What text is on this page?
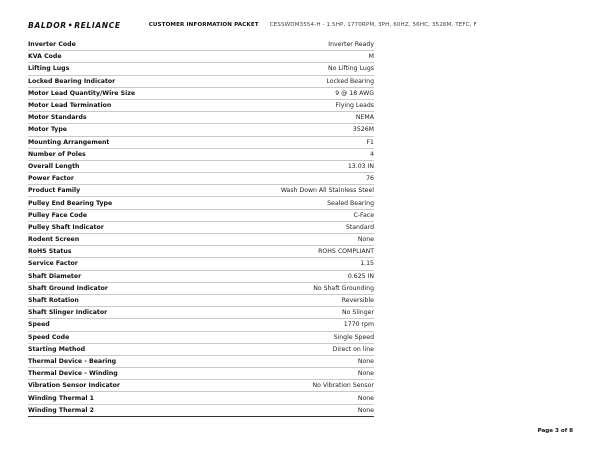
BALDOR•RELIANCE	CUSTOMER INFORMATION PACKET CESSWDM3554-H - 1.5HP, 1770RPM, 3PH, 60HZ, 56HC, 3526M, TEFC, F
Inverter Code	Inverter Ready
KVA Code	M
Lifting Lugs	No Lifting Lugs
Locked Bearing Indicator	Locked Bearing
Motor Lead Quantity/Wire Size	9 @ 18 AWG
Motor Lead Termination	Flying Leads
Motor Standards	NEMA
Motor Type	3526M
Mounting Arrangement	F1
Number of Poles	4
Overall Length	13.03 IN
Power Factor	76
Product Family	Wash Down All Stainless Steel
Pulley End Bearing Type	Sealed Bearing
Pulley Face Code	C-Face
Pulley Shaft Indicator	Standard
Rodent Screen	None
RoHS Status	ROHS COMPLIANT
Service Factor	1.15
Shaft Diameter	0.625 IN
Shaft Ground Indicator	No Shaft Grounding
Shaft Rotation	Reversible
Shaft Slinger Indicator	No Slinger
Speed	1770 rpm
Speed Code	Single Speed
Starting Method	Direct on line
Thermal Device - Bearing	None
Thermal Device - Winding	None
Vibration Sensor Indicator	No Vibration Sensor
Winding Thermal 1	None
Winding Thermal 2	None
Page 3 of 8
